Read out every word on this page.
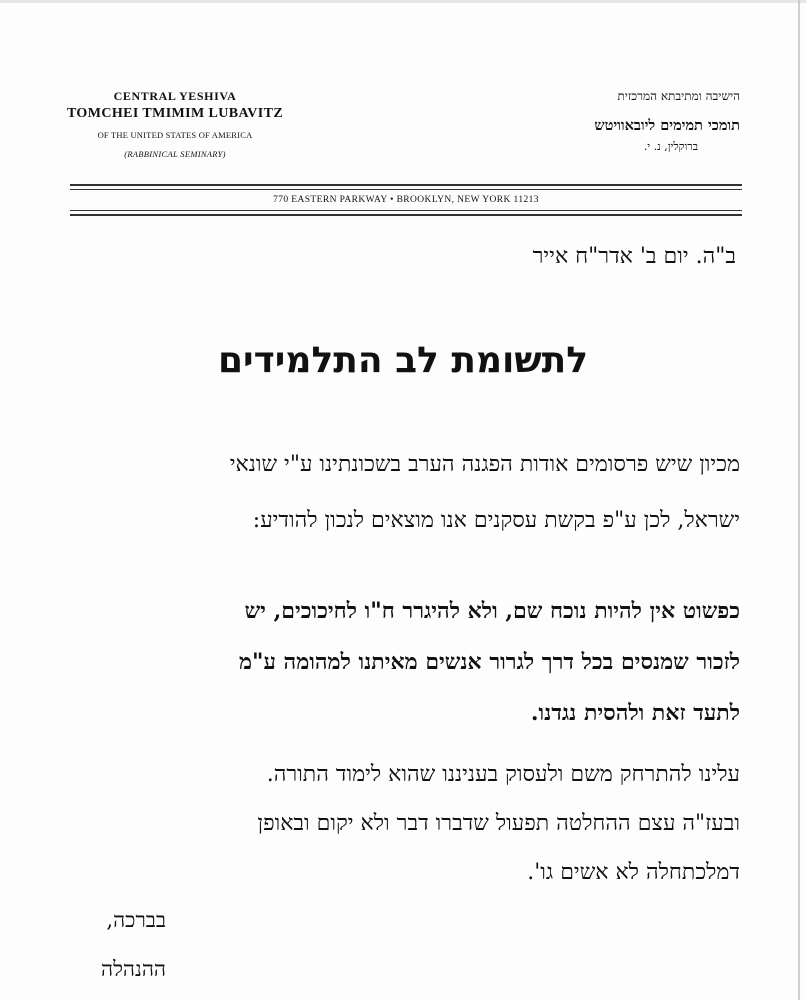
CENTRAL YESHIVA
TOMCHEI TMIMIM LUBAVITZ
OF THE UNITED STATES OF AMERICA
(RABBINICAL SEMINARY)
הישיבה ומתיבתא המרכזית
תומכי תמימים ליובאוויטש
ברוקלין, נ. י.
770 EASTERN PARKWAY • BROOKLYN, NEW YORK 11213
ב"ה. יום ב' אדר"ח אייר
לתשומת לב התלמידים
מכיון שיש פרסומים אודות הפגנה הערב בשכונתינו ע"י שונאי
ישראל, לכן ע"פ בקשת עסקנים אנו מוצאים לנכון להודיע:
כפשוט אין להיות נוכח שם, ולא להיגרר ח"ו לחיכוכים, יש
לזכור שמנסים בכל דרך לגרור אנשים מאיתנו למהומה ע"מ
לתעד זאת ולהסית נגדנו.
עלינו להתרחק משם ולעסוק בעניננו שהוא לימוד התורה.
ובעז"ה עצם ההחלטה תפעול שדברו דבר ולא יקום ובאופן
דמלכתחלה לא אשים גו'.
בברכה,
ההנהלה
